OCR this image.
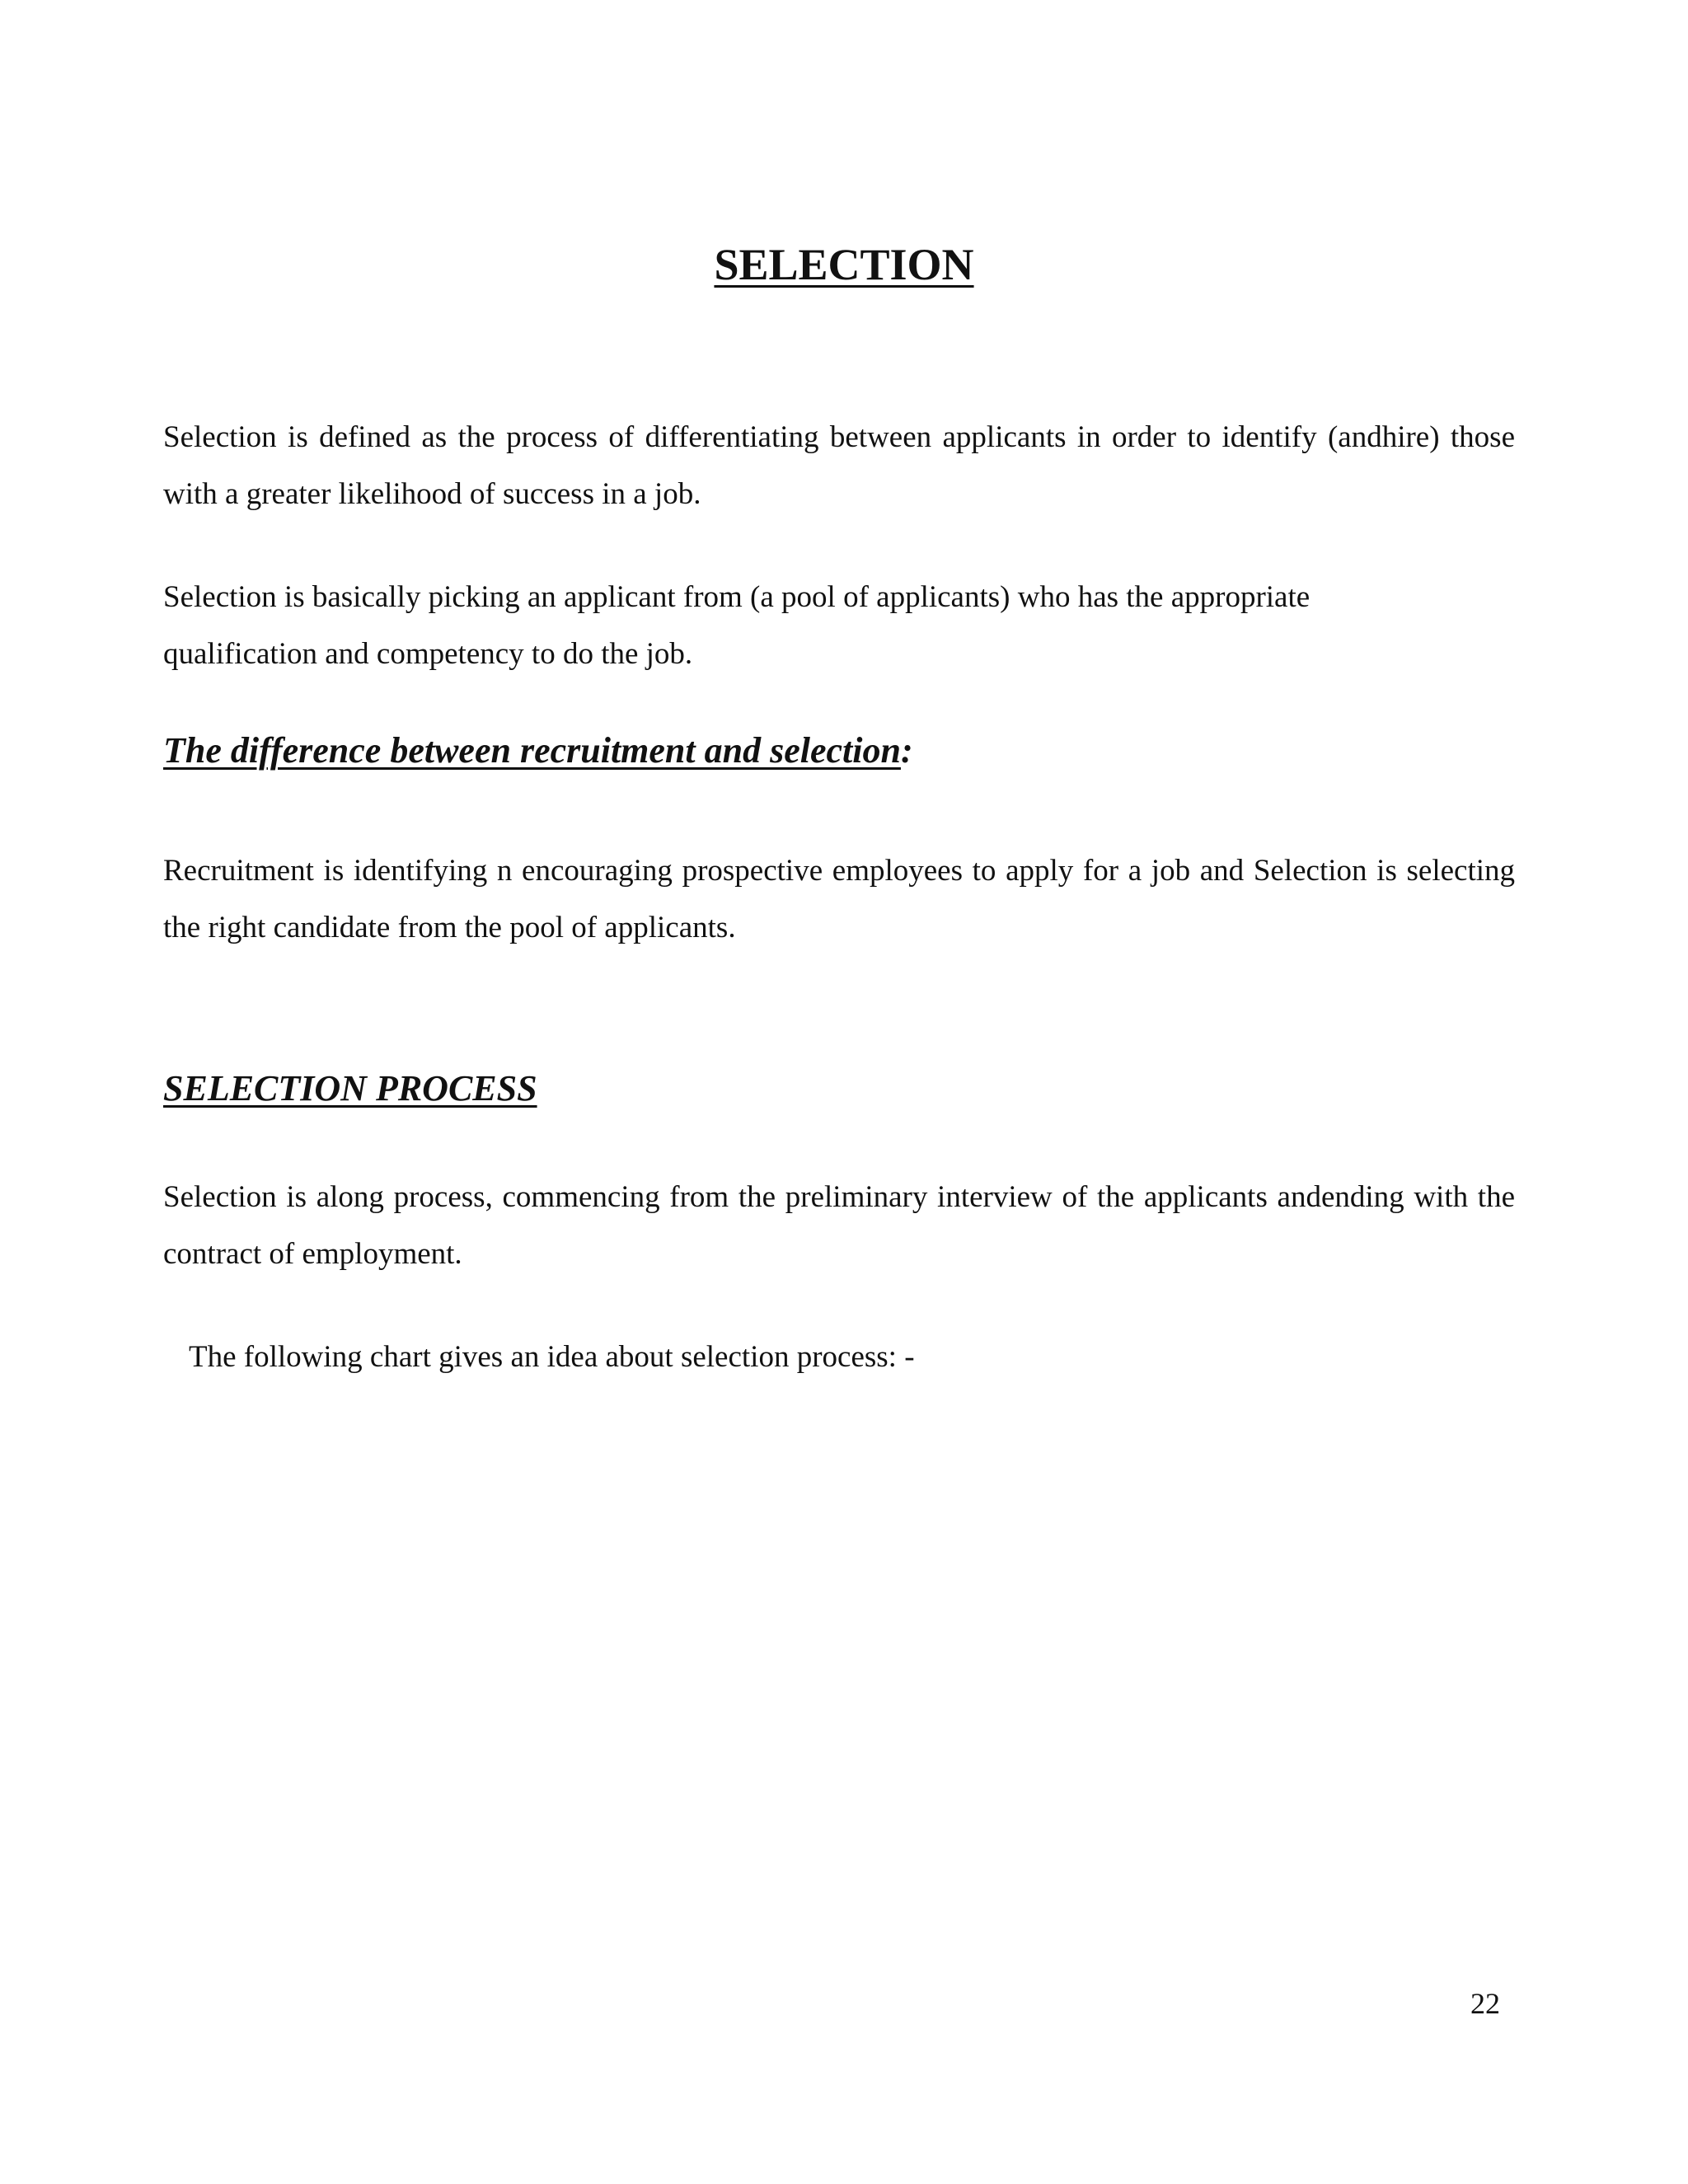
SELECTION

Selection is defined as the process of differentiating between applicants in order to identify (andhire) those with a greater likelihood of success in a job.

Selection is basically picking an applicant from (a pool of applicants) who has the appropriate qualification and competency to do the job.

The difference between recruitment and selection:

Recruitment is identifying n encouraging prospective employees to apply for a job and Selection is selecting the right candidate from the pool of applicants.

SELECTION PROCESS

Selection is along process, commencing from the preliminary interview of the applicants andending with the contract of employment.

The following chart gives an idea about selection process: -

22
